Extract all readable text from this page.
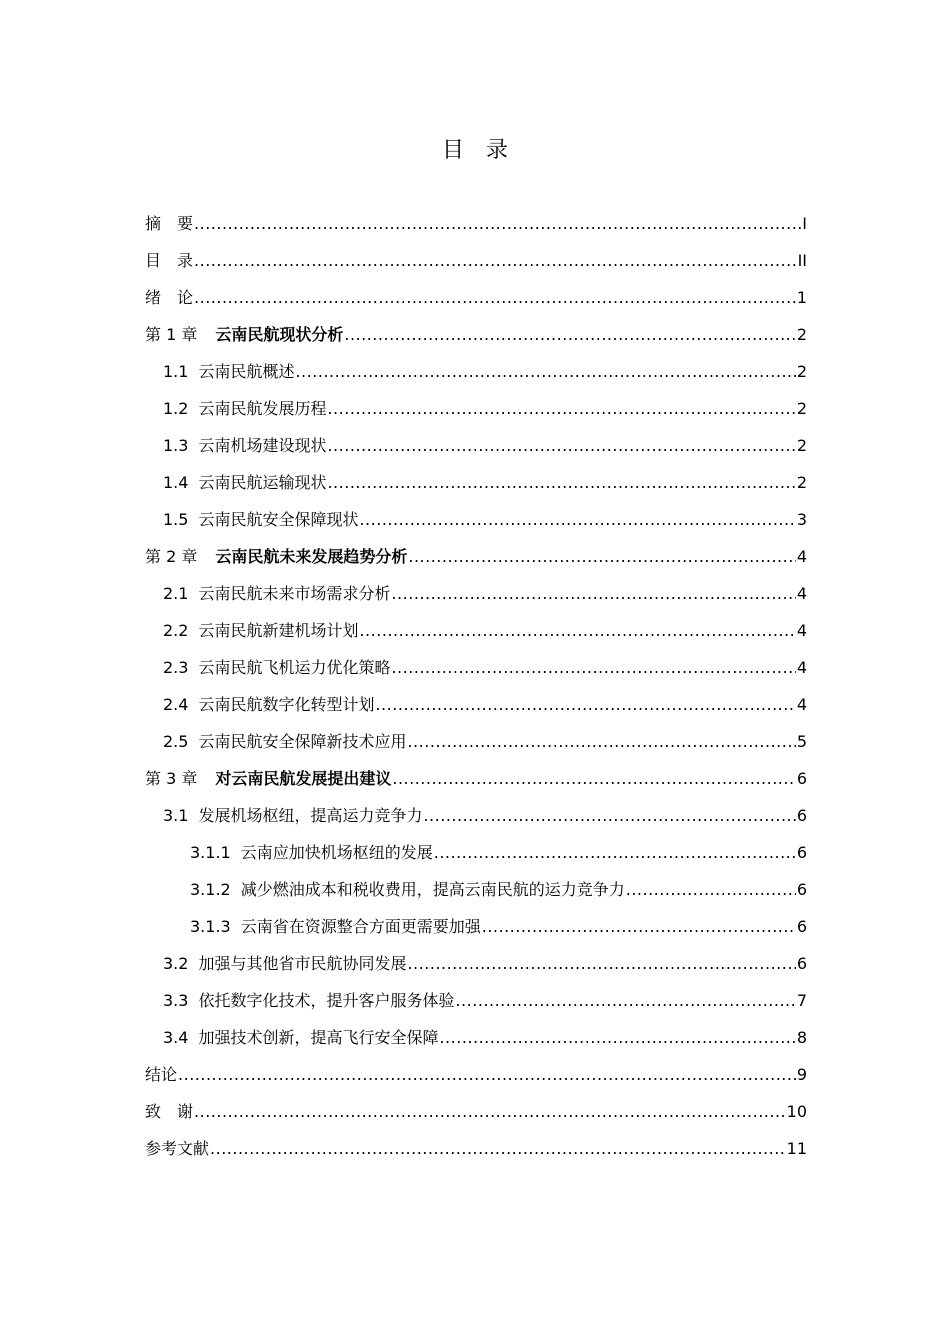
目　录
摘　要 .....	I
目　录 .....	II
绪　论 .....	1
第 1 章 云南民航现状分析 .....	2
1.1 云南民航概述 .....	2
1.2 云南民航发展历程 .....	2
1.3 云南机场建设现状 .....	2
1.4 云南民航运输现状 .....	2
1.5 云南民航安全保障现状 .....	3
第 2 章 云南民航未来发展趋势分析 .....	4
2.1 云南民航未来市场需求分析 .....	4
2.2 云南民航新建机场计划 .....	4
2.3 云南民航飞机运力优化策略 .....	4
2.4 云南民航数字化转型计划 .....	4
2.5 云南民航安全保障新技术应用 .....	5
第 3 章 对云南民航发展提出建议 .....	6
3.1 发展机场枢纽，提高运力竞争力 .....	6
3.1.1 云南应加快机场枢纽的发展 .....	6
3.1.2 减少燃油成本和税收费用，提高云南民航的运力竞争力 .....	6
3.1.3 云南省在资源整合方面更需要加强 .....	6
3.2 加强与其他省市民航协同发展 .....	6
3.3 依托数字化技术，提升客户服务体验 .....	7
3.4 加强技术创新，提高飞行安全保障 .....	8
结论 .....	9
致　谢 .....	10
参考文献 .....	11
